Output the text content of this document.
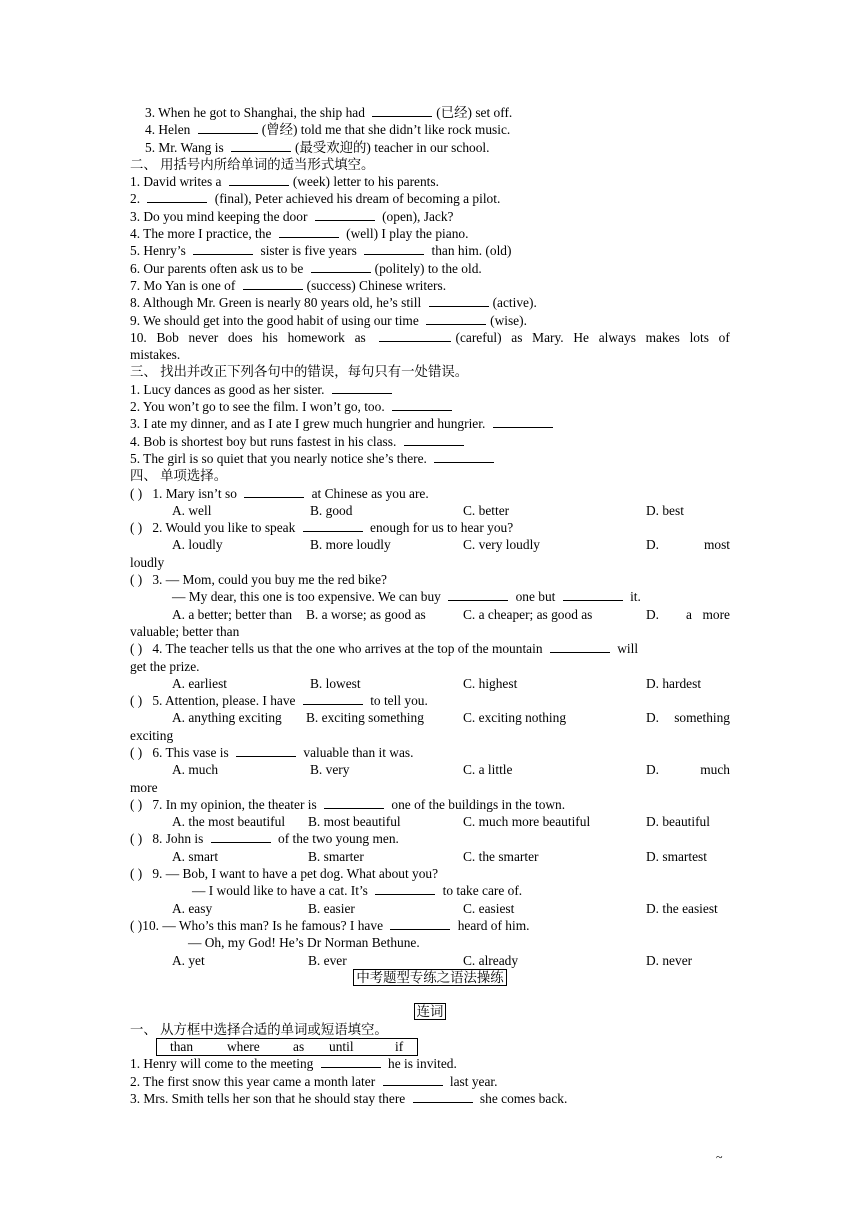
3. When he got to Shanghai, the ship had	(已经) set off.
4. Helen	(曾经) told me that she didn’t like rock music.
5. Mr. Wang is	(最受欢迎的) teacher in our school.
二、 用括号内所给单词的适当形式填空。
1. David writes a	(week) letter to his parents.
2.	(final), Peter achieved his dream of becoming a pilot.
3. Do you mind keeping the door	(open), Jack?
4. The more I practice, the	(well) I play the piano.
5. Henry’s	sister is five years	than him. (old)
6. Our parents often ask us to be	(politely) to the old.
7. Mo Yan is one of	(success) Chinese writers.
8. Although Mr. Green is nearly 80 years old, he’s still	(active).
9. We should get into the good habit of using our time	(wise).
10. Bob never does his homework as	(careful) as Mary. He always makes lots of
mistakes.
三、 找出并改正下列各句中的错误，每句只有一处错误。
1. Lucy dances as good as her sister.
2. You won’t go to see the film. I won’t go, too.
3. I ate my dinner, and as I ate I grew much hungrier and hungrier.
4. Bob is shortest boy but runs fastest in his class.
5. The girl is so quiet that you nearly notice she’s there.
四、 单项选择。
( ) 1. Mary isn’t so	at Chinese as you are.
A. well	B. good	C. better	D. best
( ) 2. Would you like to speak	enough for us to hear you?
A. loudly	B. more loudly	C. very loudly	D.	most
loudly
( ) 3. — Mom, could you buy me the red bike?
— My dear, this one is too expensive. We can buy	one but	it.
A. a better; better than B. a worse; as good as	C. a cheaper; as good as	D. a more
valuable; better than
( ) 4. The teacher tells us that the one who arrives at the top of the mountain	will
get the prize.
A. earliest	B. lowest	C. highest	D. hardest
( ) 5. Attention, please. I have	to tell you.
A. anything exciting B. exciting something	C. exciting nothing	D. something
exciting
( ) 6. This vase is	valuable than it was.
A. much	B. very	C. a little	D.	much
more
( ) 7. In my opinion, the theater is	one of the buildings in the town.
A. the most beautiful B. most beautiful	C. much more beautiful	D. beautiful
( ) 8. John is	of the two young men.
A. smart	B. smarter	C. the smarter	D. smartest
( ) 9. — Bob, I want to have a pet dog. What about you?
— I would like to have a cat. It’s	to take care of.
A. easy	B. easier	C. easiest	D. the easiest
( )10. — Who’s this man? Is he famous? I have	heard of him.
— Oh, my God! He’s Dr Norman Bethune.
A. yet	B. ever	C. already	D. never
中考题型专练之语法操练
连词
一、 从方框中选择合适的单词或短语填空。
than	where as until	if
1. Henry will come to the meeting	he is invited.
2. The first snow this year came a month later	last year.
3. Mrs. Smith tells her son that he should stay there	she comes back.
~
